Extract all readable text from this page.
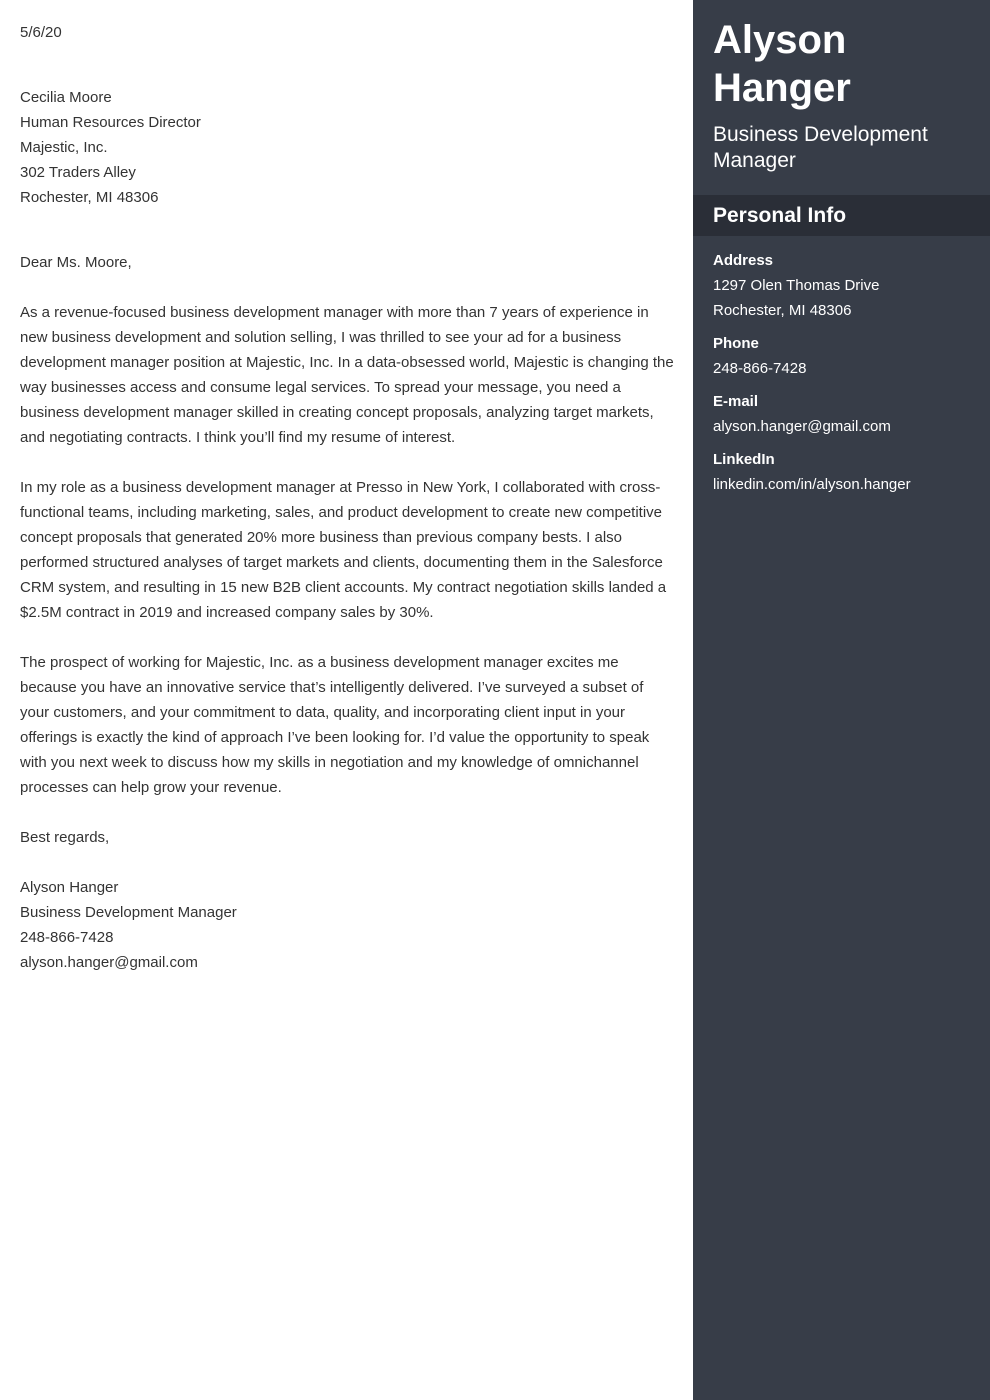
5/6/20

Cecilia Moore
Human Resources Director
Majestic, Inc.
302 Traders Alley
Rochester, MI 48306

Dear Ms. Moore,

As a revenue-focused business development manager with more than 7 years of experience in new business development and solution selling, I was thrilled to see your ad for a business development manager position at Majestic, Inc. In a data-obsessed world, Majestic is changing the way businesses access and consume legal services. To spread your message, you need a business development manager skilled in creating concept proposals, analyzing target markets, and negotiating contracts. I think you’ll find my resume of interest.

In my role as a business development manager at Presso in New York, I collaborated with cross-functional teams, including marketing, sales, and product development to create new competitive concept proposals that generated 20% more business than previous company bests. I also performed structured analyses of target markets and clients, documenting them in the Salesforce CRM system, and resulting in 15 new B2B client accounts. My contract negotiation skills landed a $2.5M contract in 2019 and increased company sales by 30%.

The prospect of working for Majestic, Inc. as a business development manager excites me because you have an innovative service that’s intelligently delivered. I’ve surveyed a subset of your customers, and your commitment to data, quality, and incorporating client input in your offerings is exactly the kind of approach I’ve been looking for. I’d value the opportunity to speak with you next week to discuss how my skills in negotiation and my knowledge of omnichannel processes can help grow your revenue.

Best regards,

Alyson Hanger
Business Development Manager
248-866-7428
alyson.hanger@gmail.com
Alyson
Hanger
Business Development Manager
Personal Info
Address
1297 Olen Thomas Drive
Rochester, MI 48306
Phone
248-866-7428
E-mail
alyson.hanger@gmail.com
LinkedIn
linkedin.com/in/alyson.hanger
